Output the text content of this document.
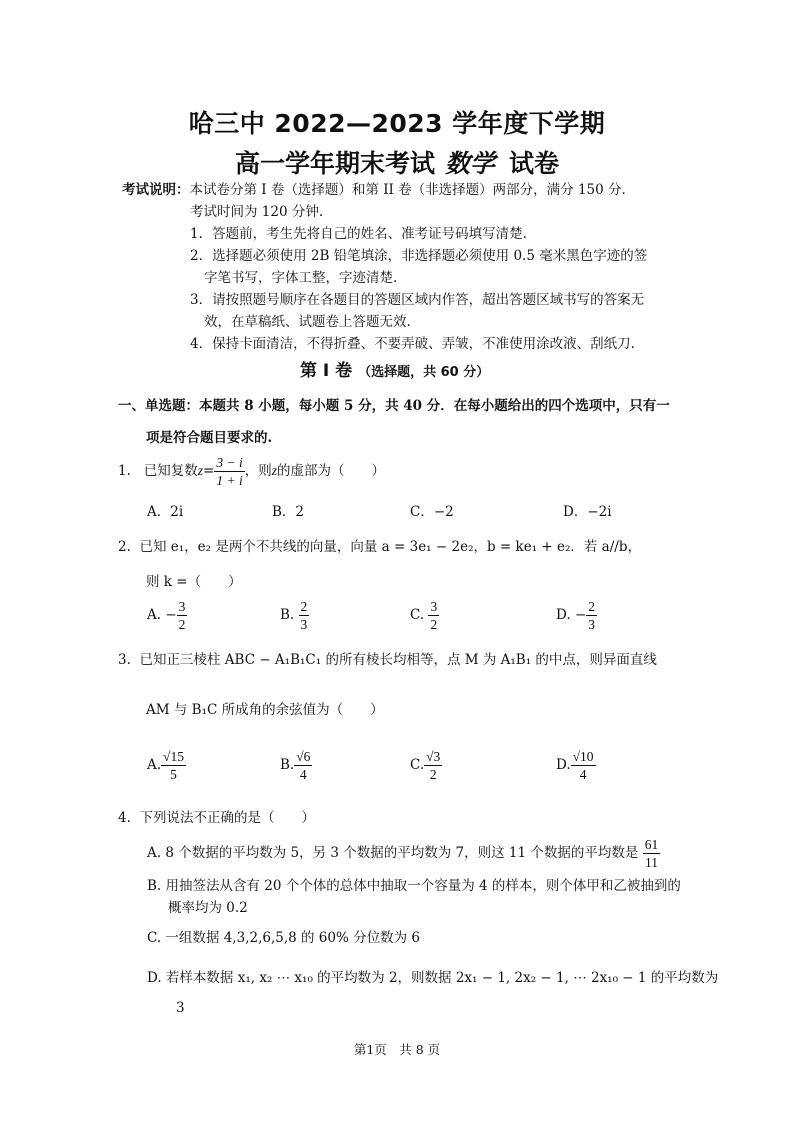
哈三中 2022—2023 学年度下学期
高一学年期末考试 数学 试卷
考试说明：本试卷分第 I 卷（选择题）和第 II 卷（非选择题）两部分，满分 150 分.
考试时间为 120 分钟.
1．答题前，考生先将自己的姓名、准考证号码填写清楚.
2．选择题必须使用 2B 铅笔填涂，非选择题必须使用 0.5 毫米黑色字迹的签
字笔书写，字体工整，字迹清楚.
3．请按照题号顺序在各题目的答题区域内作答，超出答题区域书写的答案无
效，在草稿纸、试题卷上答题无效.
4．保持卡面清洁，不得折叠、不要弄破、弄皱，不准使用涂改液、刮纸刀.
第 I 卷 （选择题，共 60 分）
一、单选题：本题共 8 小题，每小题 5 分，共 40 分．在每小题给出的四个选项中，只有一
项是符合题目要求的.
1. 已知复数$z= \frac{3 - i}{1 + i}$ ，则z的虚部为（　　）
A．2i	B．2	C．−2	D．−2i
2. 已知 e₁，e₂ 是两个不共线的向量，向量 a = 3e₁ − 2e₂，b = ke₁ + e₂．若 a//b，
则 k =（　　）
A. − $\frac{3}{2}$	B. $\frac{2}{3}$	C. $\frac{3}{2}$	D. − $\frac{2}{3}$
3. 已知正三棱柱 ABC − A₁B₁C₁ 的所有棱长均相等，点 M 为 A₁B₁ 的中点，则异面直线
AM 与 B₁C 所成角的余弦值为（　　）
A. $\frac{√15}{5}$	B. $\frac{√6}{4}$	C. $\frac{√3}{2}$	D. $\frac{√10}{4}$
4. 下列说法不正确的是（　　）
A. 8 个数据的平均数为 5，另 3 个数据的平均数为 7，则这 11 个数据的平均数是 $\frac{61}{11}$
B. 用抽签法从含有 20 个个体的总体中抽取一个容量为 4 的样本，则个体甲和乙被抽到的
概率均为 0.2
C. 一组数据 4,3,2,6,5,8 的 60% 分位数为 6
D. 若样本数据 x₁, x₂ ⋯ x₁₀ 的平均数为 2，则数据 2x₁ − 1, 2x₂ − 1, ⋯ 2x₁₀ − 1 的平均数为
3
第1页　共 8 页
